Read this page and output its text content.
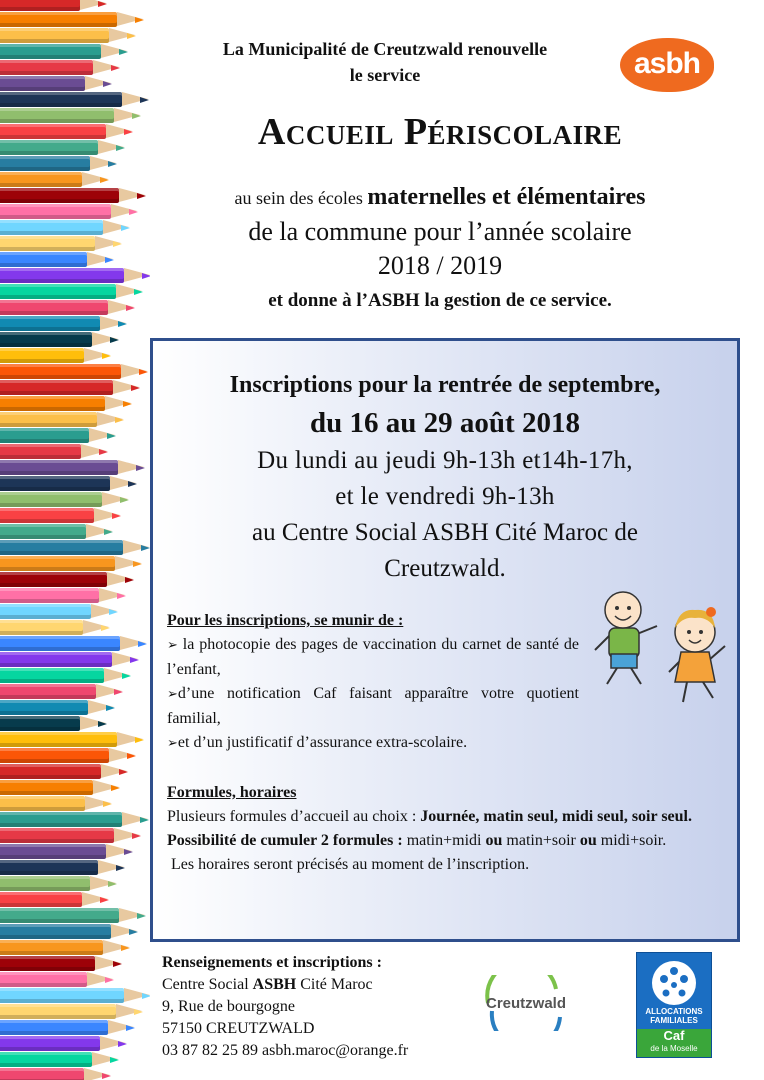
La Municipalité de Creutzwald renouvelle
le service	asbh
Accueil Périscolaire
au sein des écoles maternelles et élémentaires
de la commune pour l’année scolaire
2018 / 2019
et donne à l’ASBH la gestion de ce service.
Inscriptions pour la rentrée de septembre,
du 16 au 29 août 2018
Du lundi au jeudi 9h-13h et14h-17h,
et le vendredi 9h-13h
au Centre Social ASBH Cité Maroc de
Creutzwald.
Pour les inscriptions, se munir de :
➢ la photocopie des pages de vaccination du carnet de santé de l’enfant,
➢d’une notification Caf faisant apparaître votre quotient familial,
➢et d’un justificatif d’assurance extra-scolaire.
Formules, horaires
Plusieurs formules d’accueil au choix : Journée, matin seul, midi seul, soir seul.
Possibilité de cumuler 2 formules : matin+midi ou matin+soir ou midi+soir.
Les horaires seront précisés au moment de l’inscription.
Renseignements et inscriptions :
Centre Social ASBH Cité Maroc
9, Rue de bourgogne
57150 CREUTZWALD
03 87 82 25 89 asbh.maroc@orange.fr
Creutzwald	ALLOCATIONS
FAMILIALES
Caf
de la Moselle
